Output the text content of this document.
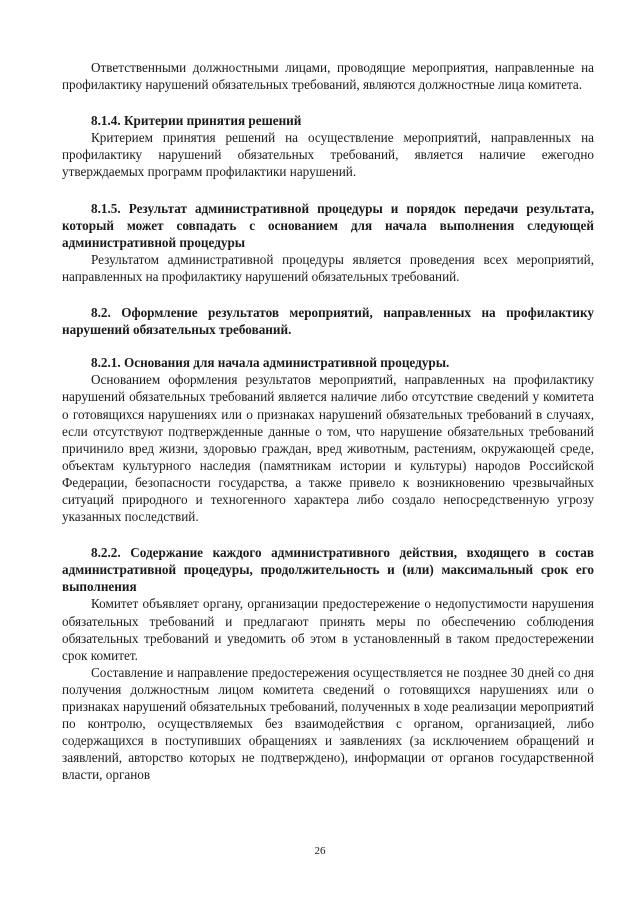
Ответственными должностными лицами, проводящие мероприятия, направленные на профилактику нарушений обязательных требований, являются должностные лица комитета.

8.1.4. Критерии принятия решений

Критерием принятия решений на осуществление мероприятий, направленных на профилактику нарушений обязательных требований, является наличие ежегодно утверждаемых программ профилактики нарушений.

8.1.5. Результат административной процедуры и порядок передачи результата, который может совпадать с основанием для начала выполнения следующей административной процедуры

Результатом административной процедуры является проведения всех мероприятий, направленных на профилактику нарушений обязательных требований.

8.2. Оформление результатов мероприятий, направленных на профилактику нарушений обязательных требований.

8.2.1. Основания для начала административной процедуры.

Основанием оформления результатов мероприятий, направленных на профилактику нарушений обязательных требований является наличие либо отсутствие сведений у комитета о готовящихся нарушениях или о признаках нарушений обязательных требований в случаях, если отсутствуют подтвержденные данные о том, что нарушение обязательных требований причинило вред жизни, здоровью граждан, вред животным, растениям, окружающей среде, объектам культурного наследия (памятникам истории и культуры) народов Российской Федерации, безопасности государства, а также привело к возникновению чрезвычайных ситуаций природного и техногенного характера либо создало непосредственную угрозу указанных последствий.

8.2.2. Содержание каждого административного действия, входящего в состав административной процедуры, продолжительность и (или) максимальный срок его выполнения

Комитет объявляет органу, организации предостережение о недопустимости нарушения обязательных требований и предлагают принять меры по обеспечению соблюдения обязательных требований и уведомить об этом в установленный в таком предостережении срок комитет.

Составление и направление предостережения осуществляется не позднее 30 дней со дня получения должностным лицом комитета сведений о готовящихся нарушениях или о признаках нарушений обязательных требований, полученных в ходе реализации мероприятий по контролю, осуществляемых без взаимодействия с органом, организацией, либо содержащихся в поступивших обращениях и заявлениях (за исключением обращений и заявлений, авторство которых не подтверждено), информации от органов государственной власти, органов

26
